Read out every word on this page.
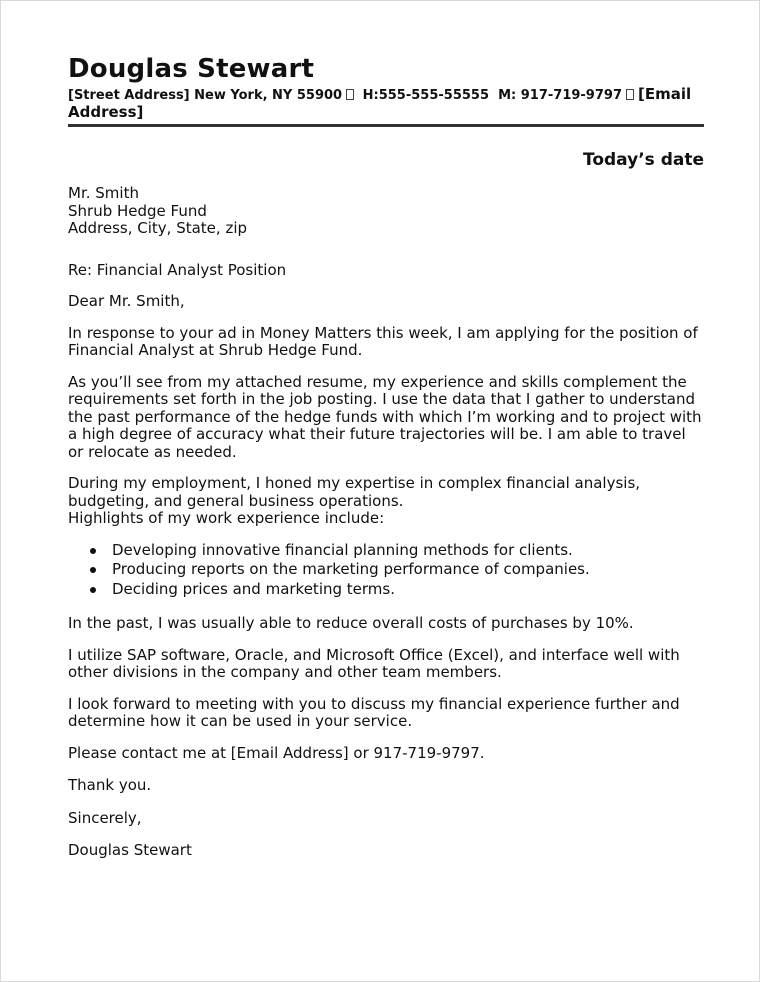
Douglas Stewart
[Street Address] New York, NY 55900 H:555-555-55555 M: 917-719-9797 [Email Address]
Today’s date
Mr. Smith
Shrub Hedge Fund
Address, City, State, zip
Re: Financial Analyst Position
Dear Mr. Smith,
In response to your ad in Money Matters this week, I am applying for the position of Financial Analyst at Shrub Hedge Fund.
As you’ll see from my attached resume, my experience and skills complement the requirements set forth in the job posting. I use the data that I gather to understand the past performance of the hedge funds with which I’m working and to project with a high degree of accuracy what their future trajectories will be. I am able to travel or relocate as needed.
During my employment, I honed my expertise in complex financial analysis, budgeting, and general business operations.
Highlights of my work experience include:
Developing innovative financial planning methods for clients.
Producing reports on the marketing performance of companies.
Deciding prices and marketing terms.
In the past, I was usually able to reduce overall costs of purchases by 10%.
I utilize SAP software, Oracle, and Microsoft Office (Excel), and interface well with other divisions in the company and other team members.
I look forward to meeting with you to discuss my financial experience further and determine how it can be used in your service.
Please contact me at [Email Address] or 917-719-9797.
Thank you.
Sincerely,
Douglas Stewart
